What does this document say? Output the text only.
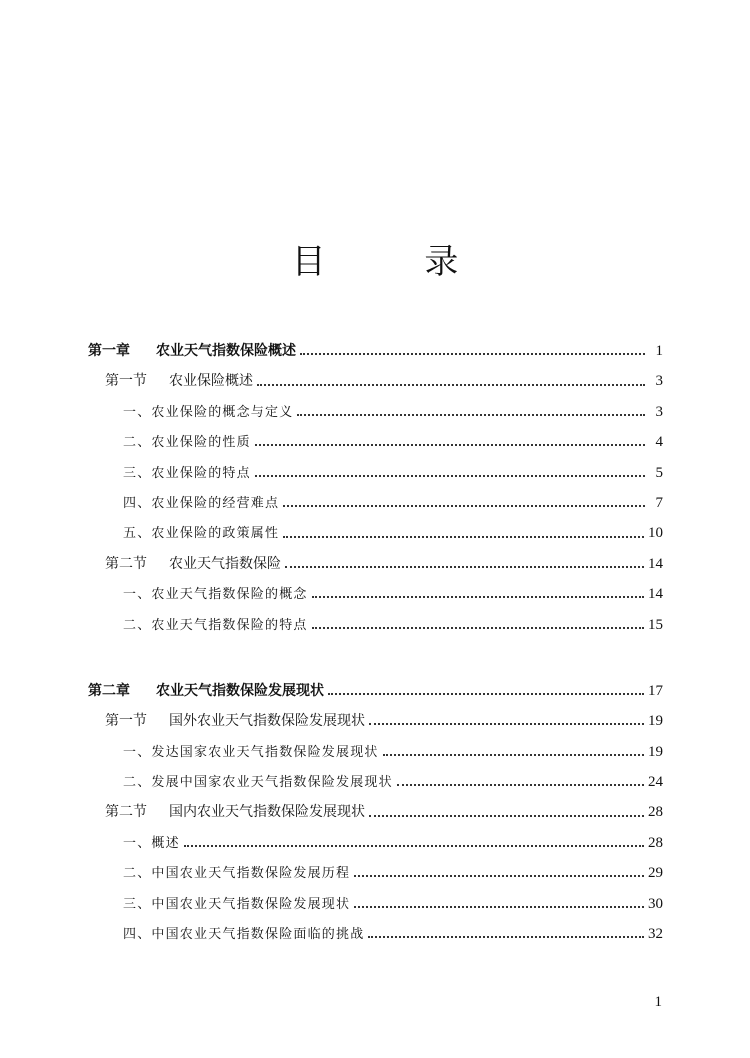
目 录
第一章 农业天气指数保险概述	1
第一节 农业保险概述	3
一、农业保险的概念与定义	3
二、农业保险的性质	4
三、农业保险的特点	5
四、农业保险的经营难点	7
五、农业保险的政策属性	10
第二节 农业天气指数保险	14
一、农业天气指数保险的概念	14
二、农业天气指数保险的特点	15
第二章 农业天气指数保险发展现状	17
第一节 国外农业天气指数保险发展现状	19
一、发达国家农业天气指数保险发展现状	19
二、发展中国家农业天气指数保险发展现状	24
第二节 国内农业天气指数保险发展现状	28
一、概述	28
二、中国农业天气指数保险发展历程	29
三、中国农业天气指数保险发展现状	30
四、中国农业天气指数保险面临的挑战	32
1
